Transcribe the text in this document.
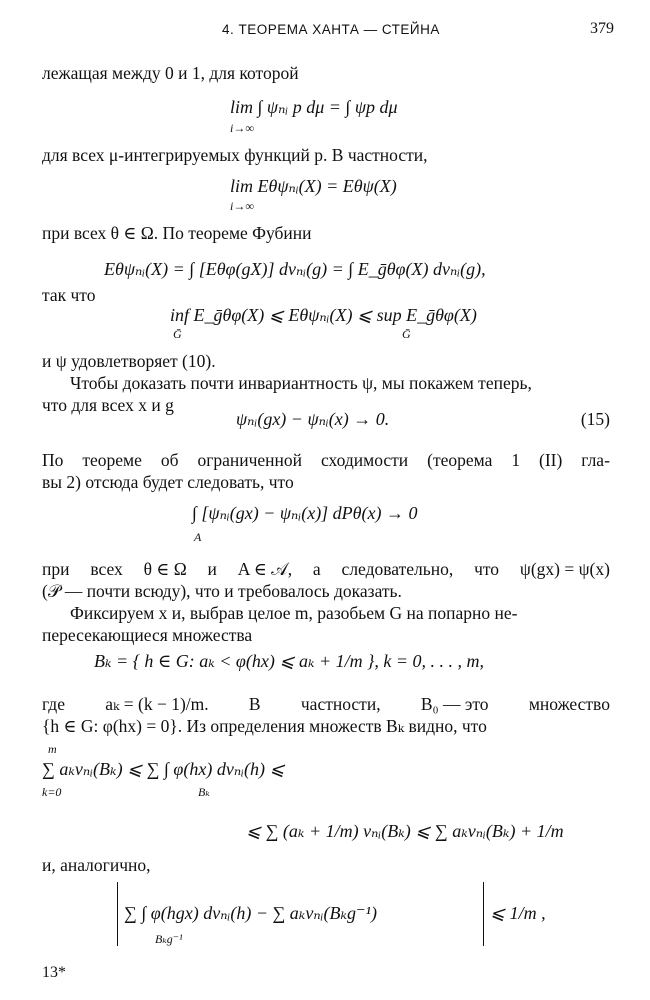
4. ТЕОРЕМА ХАНТА — СТЕЙНА	379
лежащая между 0 и 1, для которой
lim ∫ ψₙᵢ p dμ = ∫ ψp dμ
i→∞
для всех μ-интегрируемых функций p. В частности,
lim Eθψₙᵢ(X) = Eθψ(X)
i→∞
при всех θ ∈ Ω. По теореме Фубини
Eθψₙᵢ(X) = ∫ [Eθφ(gX)] dνₙᵢ(g) = ∫ E_ḡθφ(X) dνₙᵢ(g),
так что
inf E_ḡθφ(X) ⩽ Eθψₙᵢ(X) ⩽ sup E_ḡθφ(X)
Ḡ	Ḡ
и ψ удовлетворяет (10).
Чтобы доказать почти инвариантность ψ, мы покажем теперь,
что для всех x и g
ψₙᵢ(gx) − ψₙᵢ(x) → 0.	(15)
По теореме об ограниченной сходимости (теорема 1 (II) гла-
вы 2) отсюда будет следовать, что
∫ [ψₙᵢ(gx) − ψₙᵢ(x)] dPθ(x) → 0
A
при всех θ ∈ Ω и A ∈ 𝒜, а следовательно, что ψ(gx) = ψ(x)
(𝒫 — почти всюду), что и требовалось доказать.
Фиксируем x и, выбрав целое m, разобьем G на попарно не-
пересекающиеся множества
Bₖ = { h ∈ G: aₖ < φ(hx) ⩽ aₖ + 1/m }, k = 0, . . . , m,
где aₖ = (k − 1)/m. В частности, B₀ — это множество
{h ∈ G: φ(hx) = 0}. Из определения множеств Bₖ видно, что
m
∑ aₖνₙᵢ(Bₖ) ⩽ ∑ ∫ φ(hx) dνₙᵢ(h) ⩽
k=0	Bₖ
⩽ ∑ (aₖ + 1/m) νₙᵢ(Bₖ) ⩽ ∑ aₖνₙᵢ(Bₖ) + 1/m
и, аналогично,
∑ ∫ φ(hgx) dνₙᵢ(h) − ∑ aₖνₙᵢ(Bₖg⁻¹)
Bₖg⁻¹
⩽ 1/m ,
13*
